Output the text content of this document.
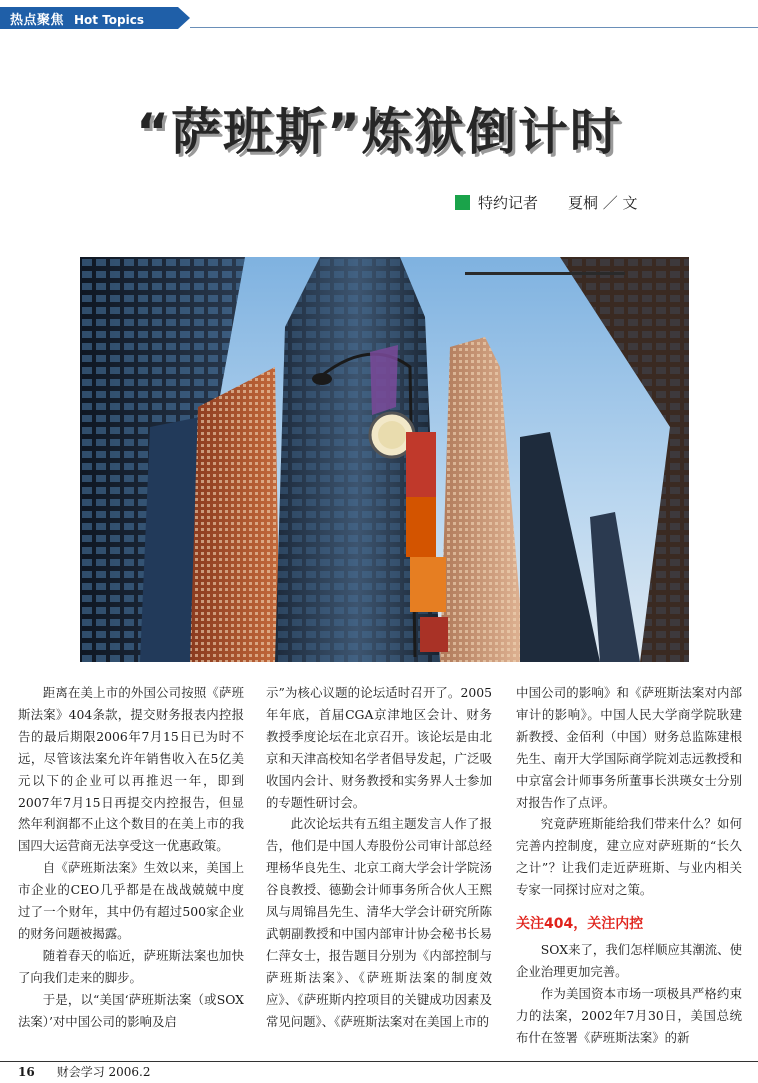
热点聚焦 Hot Topics
“萨班斯”炼狱倒计时
特约记者 夏桐 ／ 文

距离在美上市的外国公司按照《萨班斯法案》404条款，提交财务报表内控报告的最后期限2006年7月15日已为时不远，尽管该法案允许年销售收入在5亿美元以下的企业可以再推迟一年，即到2007年7月15日再提交内控报告，但显然年利润都不止这个数目的在美上市的我国四大运营商无法享受这一优惠政策。

自《萨班斯法案》生效以来，美国上市企业的CEO几乎都是在战战兢兢中度过了一个财年，其中仍有超过500家企业的财务问题被揭露。

随着春天的临近，萨班斯法案也加快了向我们走来的脚步。

于是，以“美国‘萨班斯法案（或SOX法案）’对中国公司的影响及启

示”为核心议题的论坛适时召开了。2005年年底，首届CGA京津地区会计、财务教授季度论坛在北京召开。该论坛是由北京和天津高校知名学者倡导发起，广泛吸收国内会计、财务教授和实务界人士参加的专题性研讨会。

此次论坛共有五组主题发言人作了报告，他们是中国人寿股份公司审计部总经理杨华良先生、北京工商大学会计学院汤谷良教授、德勤会计师事务所合伙人王熙凤与周锦昌先生、清华大学会计研究所陈武朝副教授和中国内部审计协会秘书长易仁萍女士，报告题目分别为《内部控制与萨班斯法案》、《萨班斯法案的制度效应》、《萨班斯内控项目的关键成功因素及常见问题》、《萨班斯法案对在美国上市的

中国公司的影响》和《萨班斯法案对内部审计的影响》。中国人民大学商学院耿建新教授、金佰利（中国）财务总监陈建根先生、南开大学国际商学院刘志远教授和中京富会计师事务所董事长洪瑛女士分别对报告作了点评。

究竟萨班斯能给我们带来什么？如何完善内控制度，建立应对萨班斯的“长久之计”？让我们走近萨班斯、与业内相关专家一同探讨应对之策。

关注404，关注内控

SOX来了，我们怎样顺应其潮流、使企业治理更加完善。

作为美国资本市场一项极具严格约束力的法案，2002年7月30日，美国总统布什在签署《萨班斯法案》的新

16 财会学习 2006.2
